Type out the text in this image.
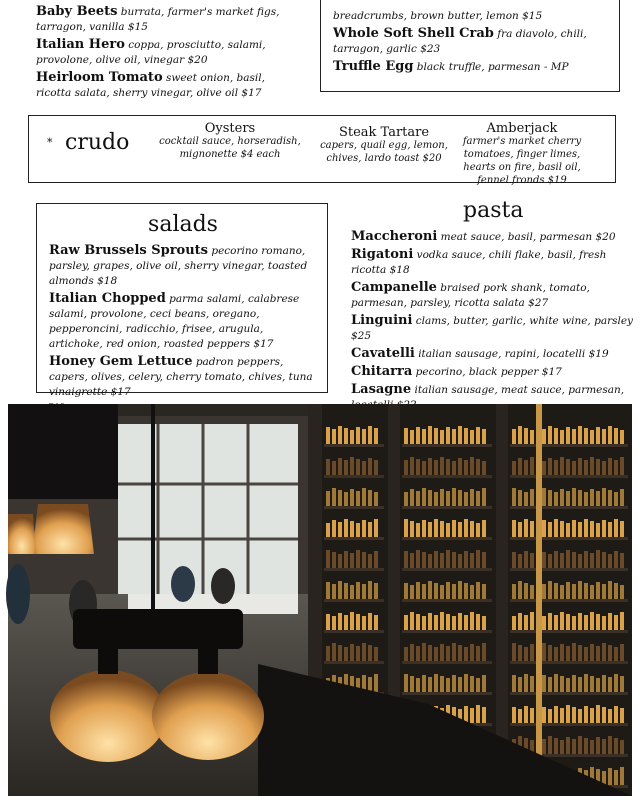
Baby Beets burrata, farmer's market figs, tarragon, vanilla $15

Italian Hero coppa, prosciutto, salami, provolone, olive oil, vinegar $20

Heirloom Tomato sweet onion, basil, ricotta salata, sherry vinegar, olive oil $17

breadcrumbs, brown butter, lemon $15

Whole Soft Shell Crab fra diavolo, chili, tarragon, garlic $23

Truffle Egg black truffle, parmesan - MP

* crudo
Oysters
cocktail sauce, horseradish, mignonette $4 each
Steak Tartare
capers, quail egg, lemon, chives, lardo toast $20
Amberjack
farmer's market cherry tomatoes, finger limes, hearts on fire, basil oil, fennel fronds $19
salads

Raw Brussels Sprouts pecorino romano, parsley, grapes, olive oil, sherry vinegar, toasted almonds $18

Italian Chopped parma salami, calabrese salami, provolone, ceci beans, oregano, pepperoncini, radicchio, frisee, arugula, artichoke, red onion, roasted peppers $17

Honey Gem Lettuce padron peppers, capers, olives, celery, cherry tomato, chives, tuna vinaigrette $17

pasta

Maccheroni meat sauce, basil, parmesan $20

Rigatoni vodka sauce, chili flake, basil, fresh ricotta $18

Campanelle braised pork shank, tomato, parmesan, parsley, ricotta salata $27

Linguini clams, butter, garlic, white wine, parsley $25

Cavatelli italian sausage, rapini, locatelli $19

Chitarra pecorino, black pepper $17

Lasagne italian sausage, meat sauce, parmesan,
